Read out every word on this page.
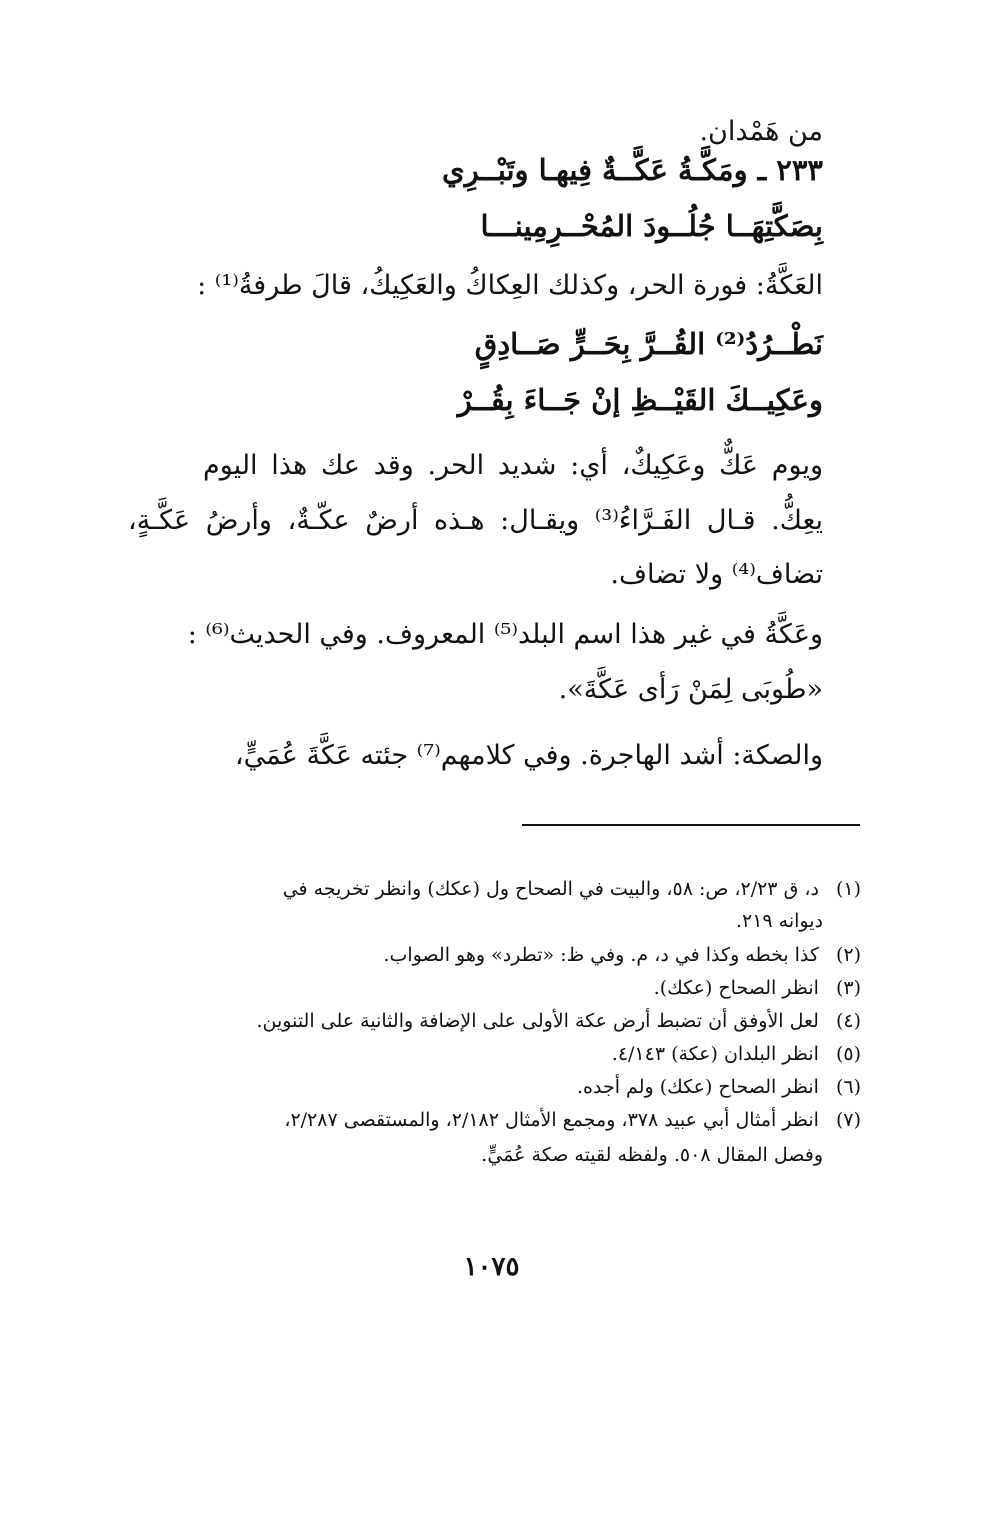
من هَمْدان.
٢٣٣ ـ ومَكَّـةُ عَكَّــةٌ فِيهـا وتَبْــرِي
بِصَكَّتِهَــا جُلُــودَ المُحْــرِمِينـــا
العَكَّةُ: فورة الحر، وكذلك العِكاكُ والعَكِيكُ، قالَ طرفةُ⁽¹⁾ :
نَطْــرُدُ⁽²⁾ القُــرَّ بِحَــرٍّ صَــادِقٍ
وعَكِيــكَ القَيْــظِ إنْ جَــاءَ بِقُــرْ
ويوم عَكٌّ وعَكِيكٌ، أي: شديد الحر. وقد عك هذا اليوم
يعِكُّ. قـال الفَـرَّاءُ⁽³⁾ ويقـال: هـذه أرضٌ عكّـةٌ، وأرضُ عَكَّـةٍ،
تضاف⁽⁴⁾ ولا تضاف.
وعَكَّةُ في غير هذا اسم البلد⁽⁵⁾ المعروف. وفي الحديث⁽⁶⁾ :
«طُوبَى لِمَنْ رَأى عَكَّةَ».
والصكة: أشد الهاجرة. وفي كلامهم⁽⁷⁾ جئته عَكَّةَ عُمَيٍّ،
(١) د، ق ٢/٢٣، ص: ٥٨، والبيت في الصحاح ول (عكك) وانظر تخريجه في
ديوانه ٢١٩.
(٢) كذا بخطه وكذا في د، م. وفي ظ: «تطرد» وهو الصواب.
(٣) انظر الصحاح (عكك).
(٤) لعل الأوفق أن تضبط أرض عكة الأولى على الإضافة والثانية على التنوين.
(٥) انظر البلدان (عكة) ٤/١٤٣.
(٦) انظر الصحاح (عكك) ولم أجده.
(٧) انظر أمثال أبي عبيد ٣٧٨، ومجمع الأمثال ٢/١٨٢، والمستقصى ٢/٢٨٧،
وفصل المقال ٥٠٨. ولفظه لقيته صكة عُمَيٍّ.
١٠٧٥
